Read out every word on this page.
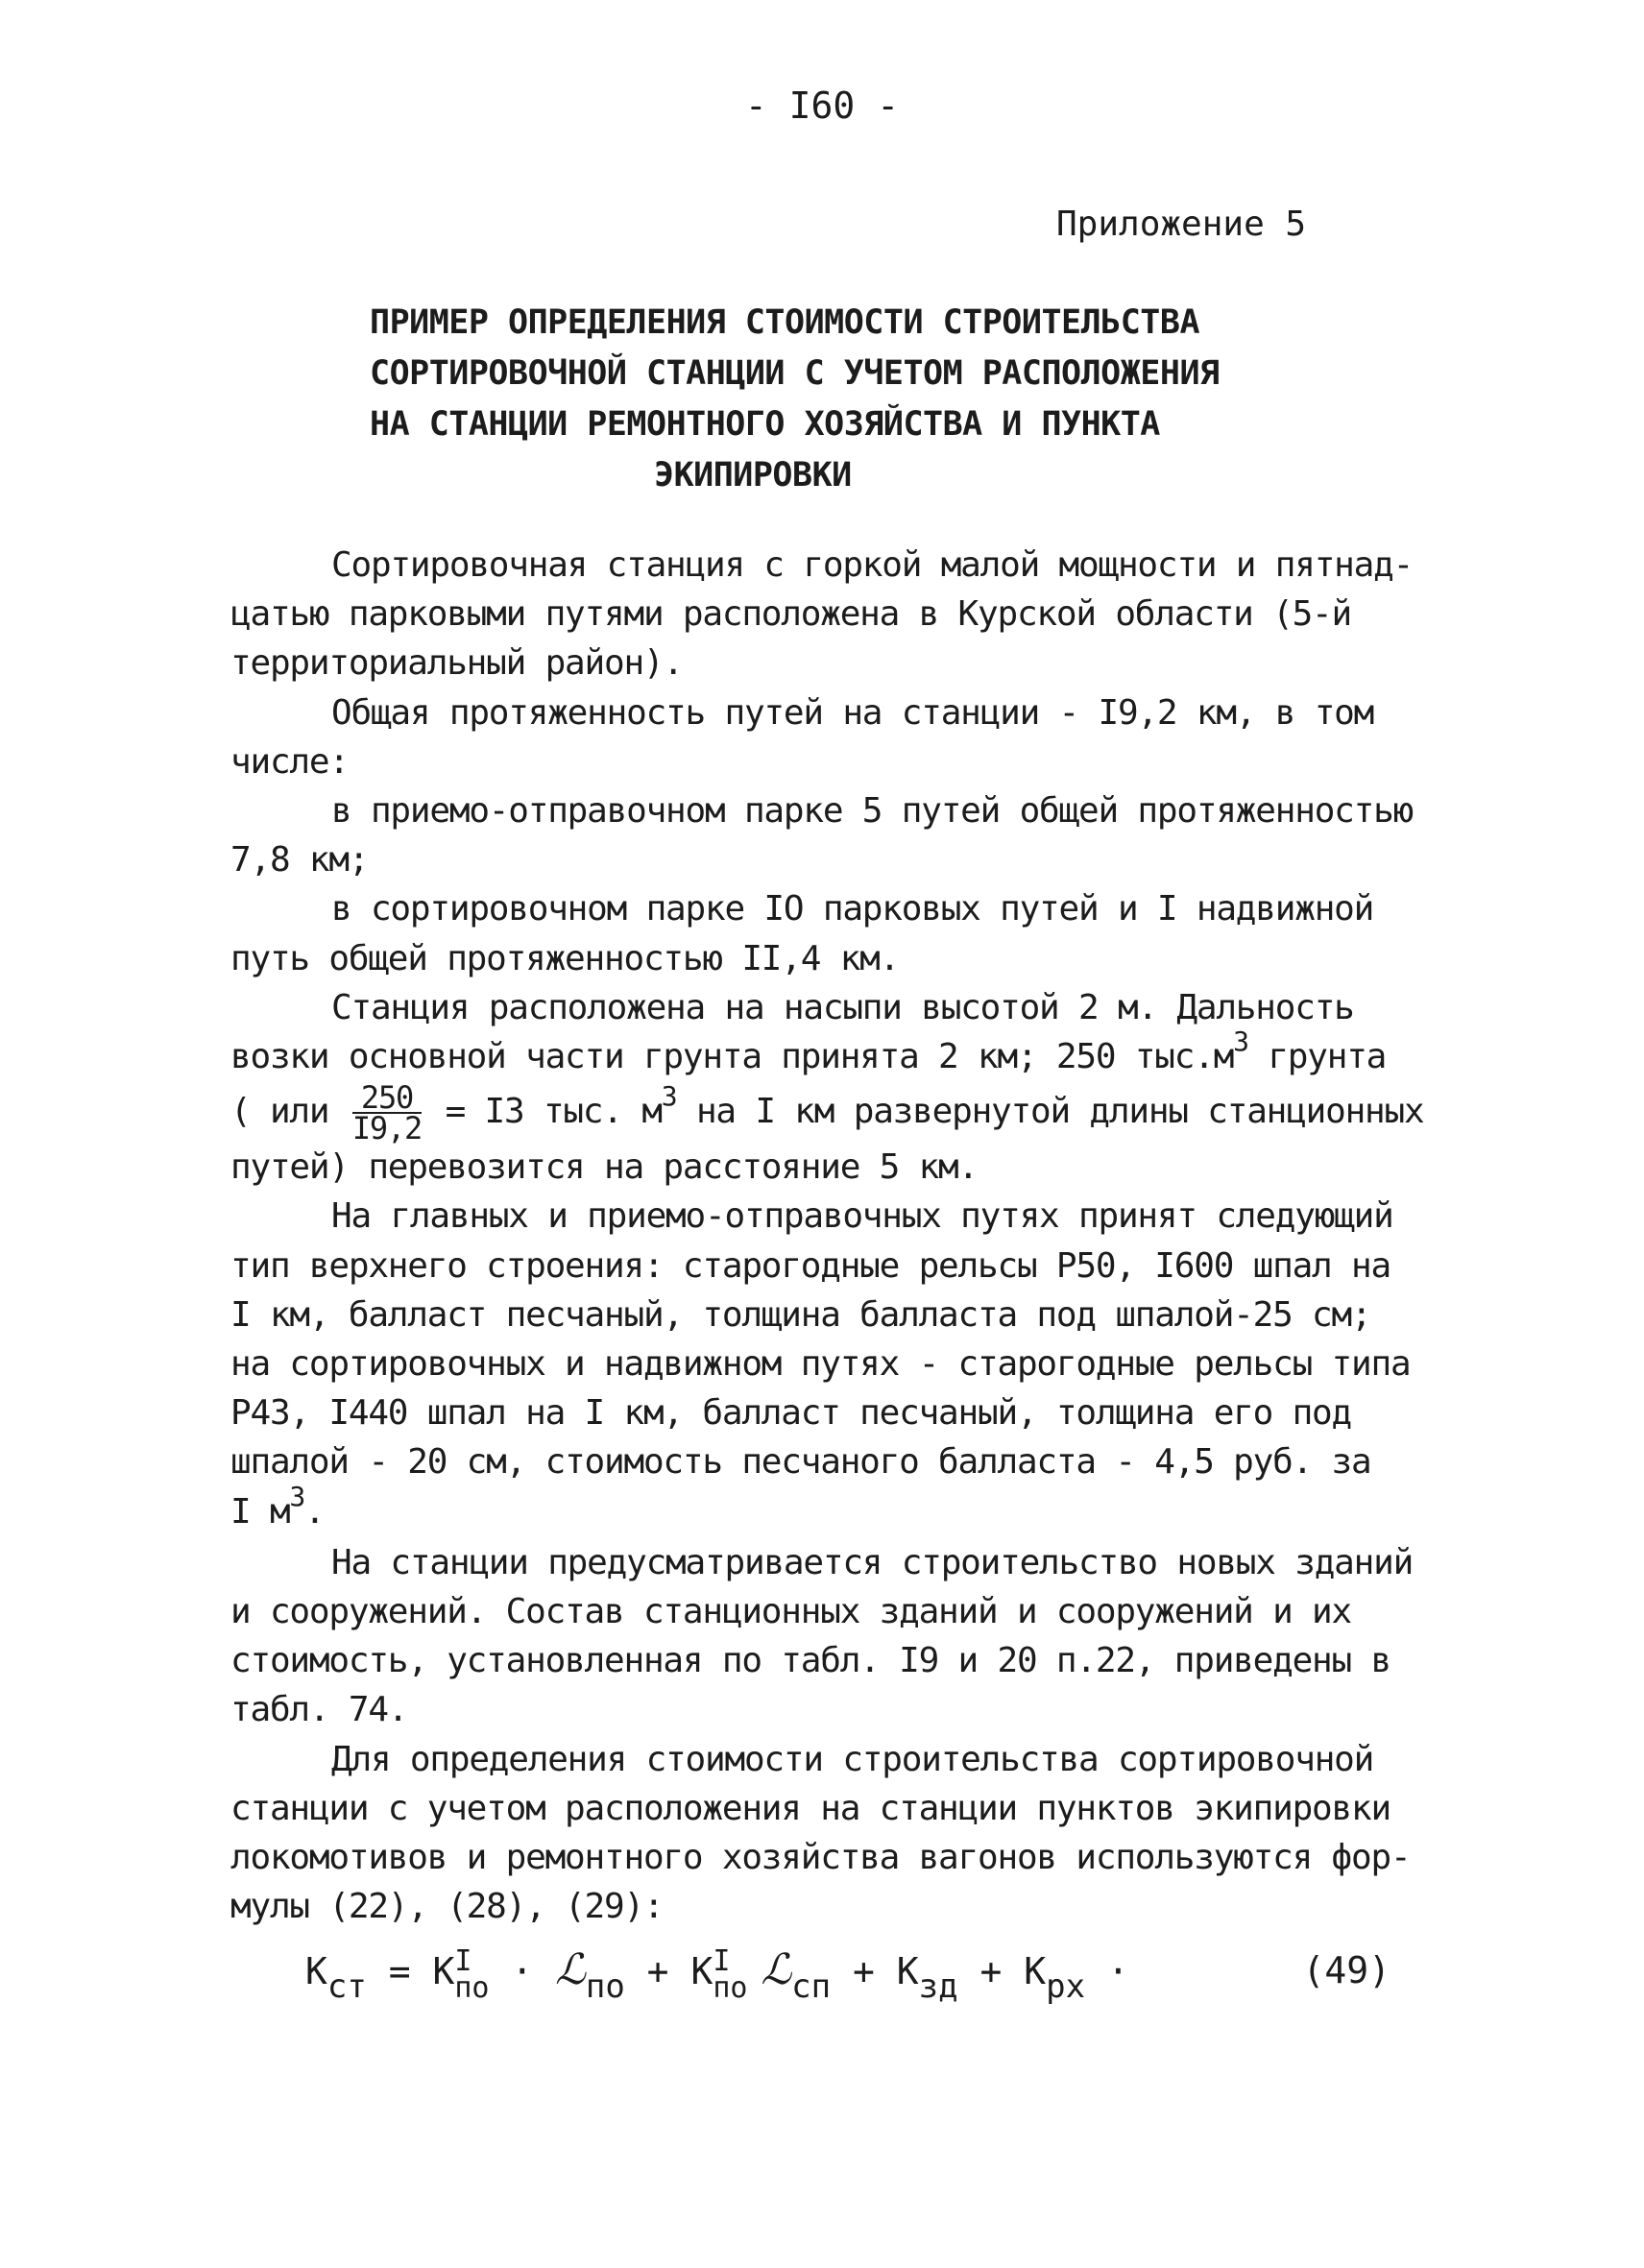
- I60 -
Приложение 5
ПРИМЕР ОПРЕДЕЛЕНИЯ СТОИМОСТИ СТРОИТЕЛЬСТВА
СОРТИРОВОЧНОЙ СТАНЦИИ С УЧЕТОМ РАСПОЛОЖЕНИЯ
НА СТАНЦИИ РЕМОНТНОГО ХОЗЯЙСТВА И ПУНКТА
ЭКИПИРОВКИ
Сортировочная станция с горкой малой мощности и пятнад-
цатью парковыми путями расположена в Курской области (5-й
территориальный район).
Общая протяженность путей на станции - I9,2 км, в том
числе:
в приемо-отправочном парке 5 путей общей протяженностью
7,8 км;
в сортировочном парке IO парковых путей и I надвижной
путь общей протяженностью II,4 км.
Станция расположена на насыпи высотой 2 м. Дальность
возки основной части грунта принята 2 км; 250 $тыс.м^3$ грунта
( или $\frac{250}{I9,2} = I3$ тыс. $м^3$ на I км развернутой длины станционных
путей) перевозится на расстояние 5 км.
На главных и приемо-отправочных путях принят следующий
тип верхнего строения: старогодные рельсы Р50, I600 шпал на
I км, балласт песчаный, толщина балласта под шпалой-25 см;
на сортировочных и надвижном путях - старогодные рельсы типа
Р43, I440 шпал на I км, балласт песчаный, толщина его под
шпалой - 20 см, стоимость песчаного балласта - 4,5 руб. за
I $м^3$.
На станции предусматривается строительство новых зданий
и сооружений. Состав станционных зданий и сооружений и их
стоимость, установленная по табл. I9 и 20 п.22, приведены в
табл. 74.
Для определения стоимости строительства сортировочной
станции с учетом расположения на станции пунктов экипировки
локомотивов и ремонтного хозяйства вагонов используются фор-
мулы (22), (28), (29):
Кст = К I
по · ℒпо + К I
по ℒсп + Кзд + Крх ·	(49)
